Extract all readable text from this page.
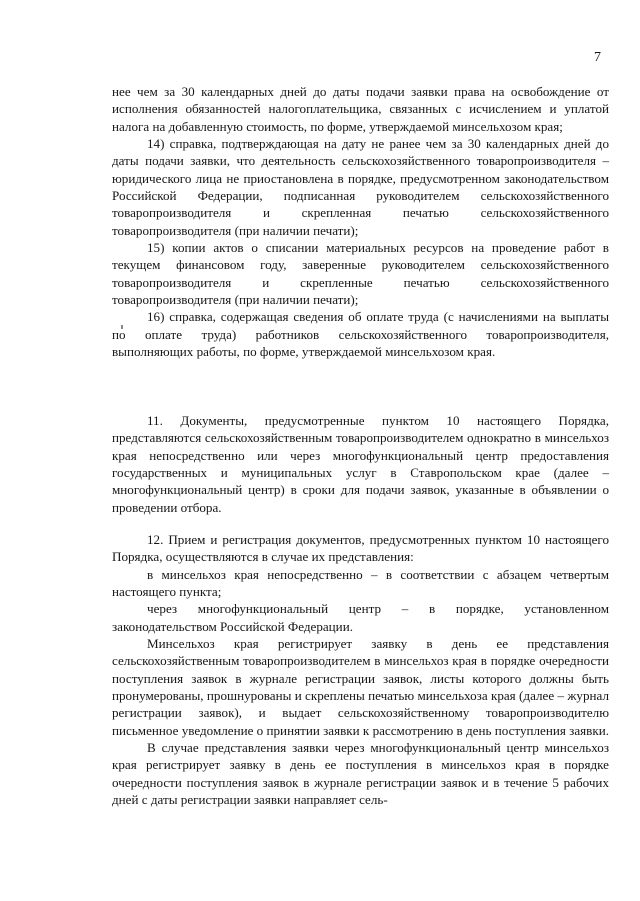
7

нее чем за 30 календарных дней до даты подачи заявки права на освобождение от исполнения обязанностей налогоплательщика, связанных с исчислением и уплатой налога на добавленную стоимость, по форме, утверждаемой минсельхозом края;

14) справка, подтверждающая на дату не ранее чем за 30 календарных дней до даты подачи заявки, что деятельность сельскохозяйственного товаропроизводителя – юридического лица не приостановлена в порядке, предусмотренном законодательством Российской Федерации, подписанная руководителем сельскохозяйственного товаропроизводителя и скрепленная печатью сельскохозяйственного товаропроизводителя (при наличии печати);

15) копии актов о списании материальных ресурсов на проведение работ в текущем финансовом году, заверенные руководителем сельскохозяйственного товаропроизводителя и скрепленные печатью сельскохозяйственного товаропроизводителя (при наличии печати);

16) справка, содержащая сведения об оплате труда (с начислениями на выплаты по оплате труда) работников сельскохозяйственного товаропроизводителя, выполняющих работы, по форме, утверждаемой минсельхозом края.

11. Документы, предусмотренные пунктом 10 настоящего Порядка, представляются сельскохозяйственным товаропроизводителем однократно в минсельхоз края непосредственно или через многофункциональный центр предоставления государственных и муниципальных услуг в Ставропольском крае (далее – многофункциональный центр) в сроки для подачи заявок, указанные в объявлении о проведении отбора.

12. Прием и регистрация документов, предусмотренных пунктом 10 настоящего Порядка, осуществляются в случае их представления:

в минсельхоз края непосредственно – в соответствии с абзацем четвертым настоящего пункта;

через многофункциональный центр – в порядке, установленном законодательством Российской Федерации.

Минсельхоз края регистрирует заявку в день ее представления сельскохозяйственным товаропроизводителем в минсельхоз края в порядке очередности поступления заявок в журнале регистрации заявок, листы которого должны быть пронумерованы, прошнурованы и скреплены печатью минсельхоза края (далее – журнал регистрации заявок), и выдает сельскохозяйственному товаропроизводителю письменное уведомление о принятии заявки к рассмотрению в день поступления заявки.

В случае представления заявки через многофункциональный центр минсельхоз края регистрирует заявку в день ее поступления в минсельхоз края в порядке очередности поступления заявок в журнале регистрации заявок и в течение 5 рабочих дней с даты регистрации заявки направляет сель-
